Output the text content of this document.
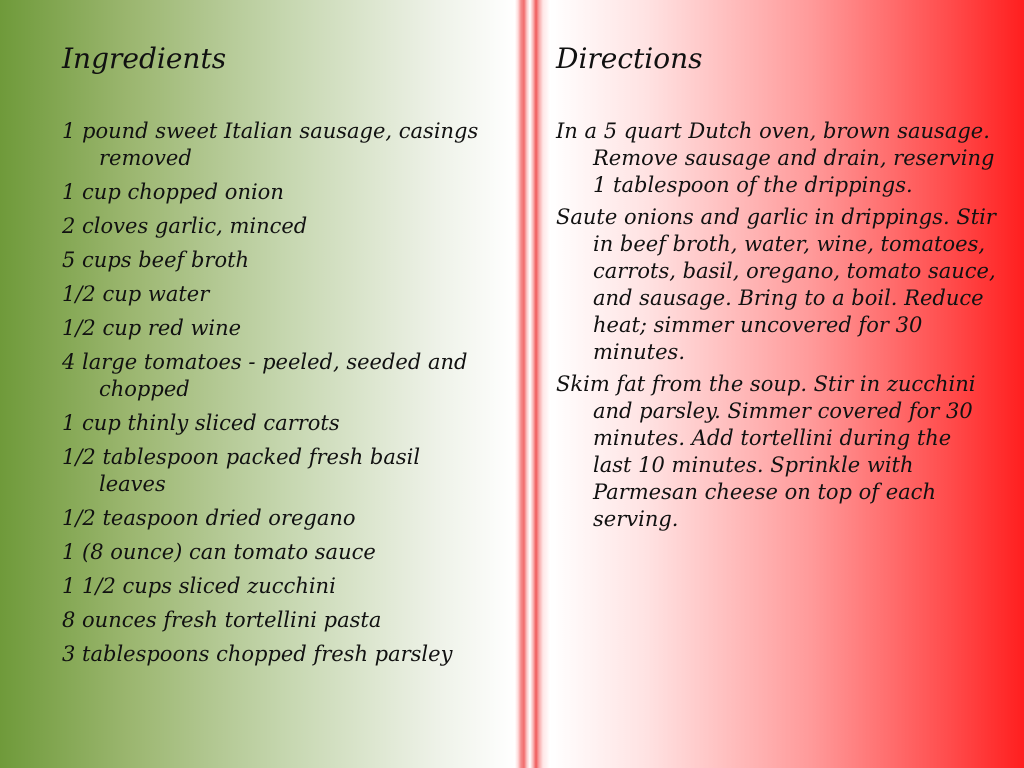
Ingredients
1 pound sweet Italian sausage, casings removed
1 cup chopped onion
2 cloves garlic, minced
5 cups beef broth
1/2 cup water
1/2 cup red wine
4 large tomatoes - peeled, seeded and chopped
1 cup thinly sliced carrots
1/2 tablespoon packed fresh basil leaves
1/2 teaspoon dried oregano
1 (8 ounce) can tomato sauce
1 1/2 cups sliced zucchini
8 ounces fresh tortellini pasta
3 tablespoons chopped fresh parsley
Directions
In a 5 quart Dutch oven, brown sausage. Remove sausage and drain, reserving 1 tablespoon of the drippings.
Saute onions and garlic in drippings. Stir in beef broth, water, wine, tomatoes, carrots, basil, oregano, tomato sauce, and sausage. Bring to a boil. Reduce heat; simmer uncovered for 30 minutes.
Skim fat from the soup. Stir in zucchini and parsley. Simmer covered for 30 minutes. Add tortellini during the last 10 minutes. Sprinkle with Parmesan cheese on top of each serving.
